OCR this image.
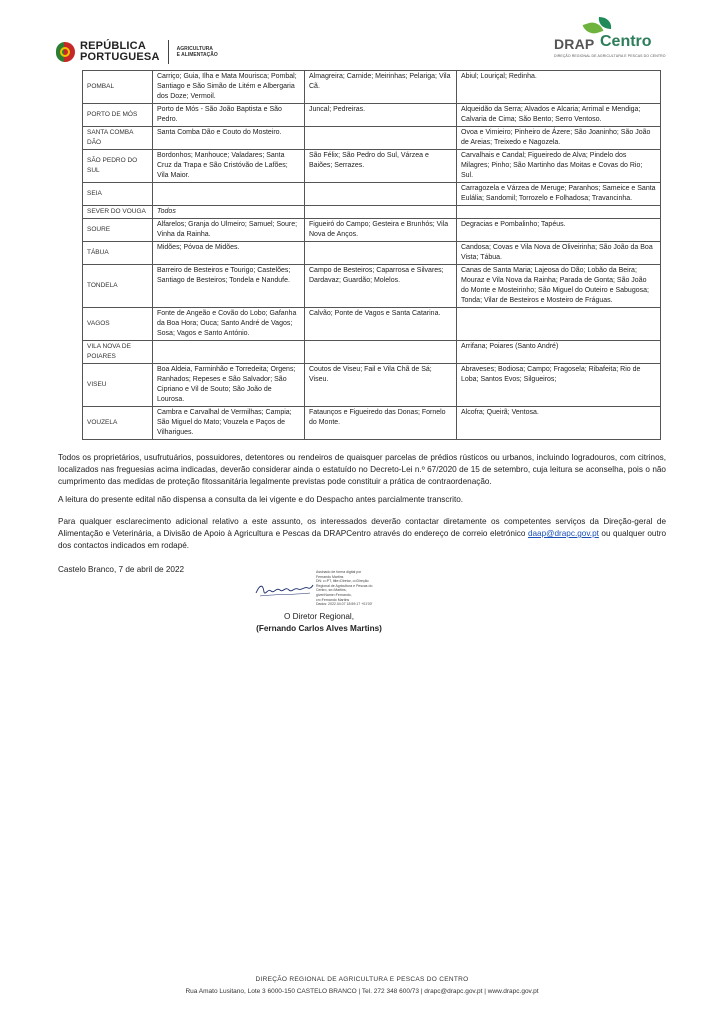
REPÚBLICA
PORTUGUESA
AGRICULTURA
E ALIMENTAÇÃO
DRAP Centro
DIREÇÃO REGIONAL DE AGRICULTURA E PESCAS DO CENTRO
POMBAL	Carriço; Guia, Ilha e Mata Mourisca; Pombal; Santiago e São Simão de Litém e Albergaria dos Doze; Vermoil.	Almagreira; Carnide; Meirinhas; Pelariga; Vila Cã.	Abiul; Louriçal; Redinha.
PORTO DE MÓS	Porto de Mós - São João Baptista e São Pedro.	Juncal; Pedreiras.	Alqueidão da Serra; Alvados e Alcaria; Arrimal e Mendiga; Calvaria de Cima; São Bento; Serro Ventoso.
SANTA COMBA DÃO	Santa Comba Dão e Couto do Mosteiro.		Ovoa e Vimieiro; Pinheiro de Ázere; São Joaninho; São João de Areias; Treixedo e Nagozela.
SÃO PEDRO DO SUL	Bordonhos; Manhouce; Valadares; Santa Cruz da Trapa e São Cristóvão de Lafões; Vila Maior.	São Félix; São Pedro do Sul, Várzea e Baiões; Serrazes.	Carvalhais e Candal; Figueiredo de Alva; Pindelo dos Milagres; Pinho; São Martinho das Moitas e Covas do Rio; Sul.
SEIA			Carragozela e Várzea de Meruge; Paranhos; Sameice e Santa Eulália; Sandomil; Torrozelo e Folhadosa; Travancinha.
SEVER DO VOUGA	Todos		
SOURE	Alfarelos; Granja do Ulmeiro; Samuel; Soure; Vinha da Rainha.	Figueiró do Campo; Gesteira e Brunhós; Vila Nova de Anços.	Degracias e Pombalinho; Tapéus.
TÁBUA	Midões; Póvoa de Midões.		Candosa; Covas e Vila Nova de Oliveirinha; São João da Boa Vista; Tábua.
TONDELA	Barreiro de Besteiros e Tourigo; Castelões; Santiago de Besteiros; Tondela e Nandufe.	Campo de Besteiros; Caparrosa e Silvares; Dardavaz; Guardão; Molelos.	Canas de Santa Maria; Lajeosa do Dão; Lobão da Beira; Mouraz e Vila Nova da Rainha; Parada de Gonta; São João do Monte e Mosteirinho; São Miguel do Outeiro e Sabugosa; Tonda; Vilar de Besteiros e Mosteiro de Fráguas.
VAGOS	Fonte de Angeão e Covão do Lobo; Gafanha da Boa Hora; Ouca; Santo André de Vagos; Sosa; Vagos e Santo António.	Calvão; Ponte de Vagos e Santa Catarina.	
VILA NOVA DE POIARES			Arrifana; Poiares (Santo André)
VISEU	Boa Aldeia, Farminhão e Torredeita; Orgens; Ranhados; Repeses e São Salvador; São Cipriano e Vil de Souto; São João de Lourosa.	Coutos de Viseu; Fail e Vila Chã de Sá; Viseu.	Abraveses; Bodiosa; Campo; Fragosela; Ribafeita; Rio de Loba; Santos Evos; Silgueiros;
VOUZELA	Cambra e Carvalhal de Vermilhas; Campia; São Miguel do Mato; Vouzela e Paços de Vilharigues.	Fataunços e Figueiredo das Donas; Fornelo do Monte.	Alcofra; Queirã; Ventosa.
Todos os proprietários, usufrutuários, possuidores, detentores ou rendeiros de quaisquer parcelas de prédios rústicos ou urbanos, incluindo logradouros, com citrinos, localizados nas freguesias acima indicadas, deverão considerar ainda o estatuído no Decreto-Lei n.º 67/2020 de 15 de setembro, cuja leitura se aconselha, pois o não cumprimento das medidas de proteção fitossanitária legalmente previstas pode constituir a prática de contraordenação.
A leitura do presente edital não dispensa a consulta da lei vigente e do Despacho antes parcialmente transcrito.
Para qualquer esclarecimento adicional relativo a este assunto, os interessados deverão contactar diretamente os competentes serviços da Direção-geral de Alimentação e Veterinária, a Divisão de Apoio à Agricultura e Pescas da DRAPCentro através do endereço de correio eletrónico daap@drapc.gov.pt ou qualquer outro dos contactos indicados em rodapé.
Castelo Branco, 7 de abril de 2022	Assinado de forma digital por
Fernando Martins
DN: c=PT, title=Diretor, o=Direção
Regional de Agricultura e Pescas do
Centro, sn=Martins,
givenName=Fernando,
cn=Fernando Martins
Dados: 2022.04.07 18:59:17 +01'00'
O Diretor Regional,
(Fernando Carlos Alves Martins)
DIREÇÃO REGIONAL DE AGRICULTURA E PESCAS DO CENTRO
Rua Amato Lusitano, Lote 3 6000-150 CASTELO BRANCO | Tel. 272 348 600/73 | drapc@drapc.gov.pt | www.drapc.gov.pt
